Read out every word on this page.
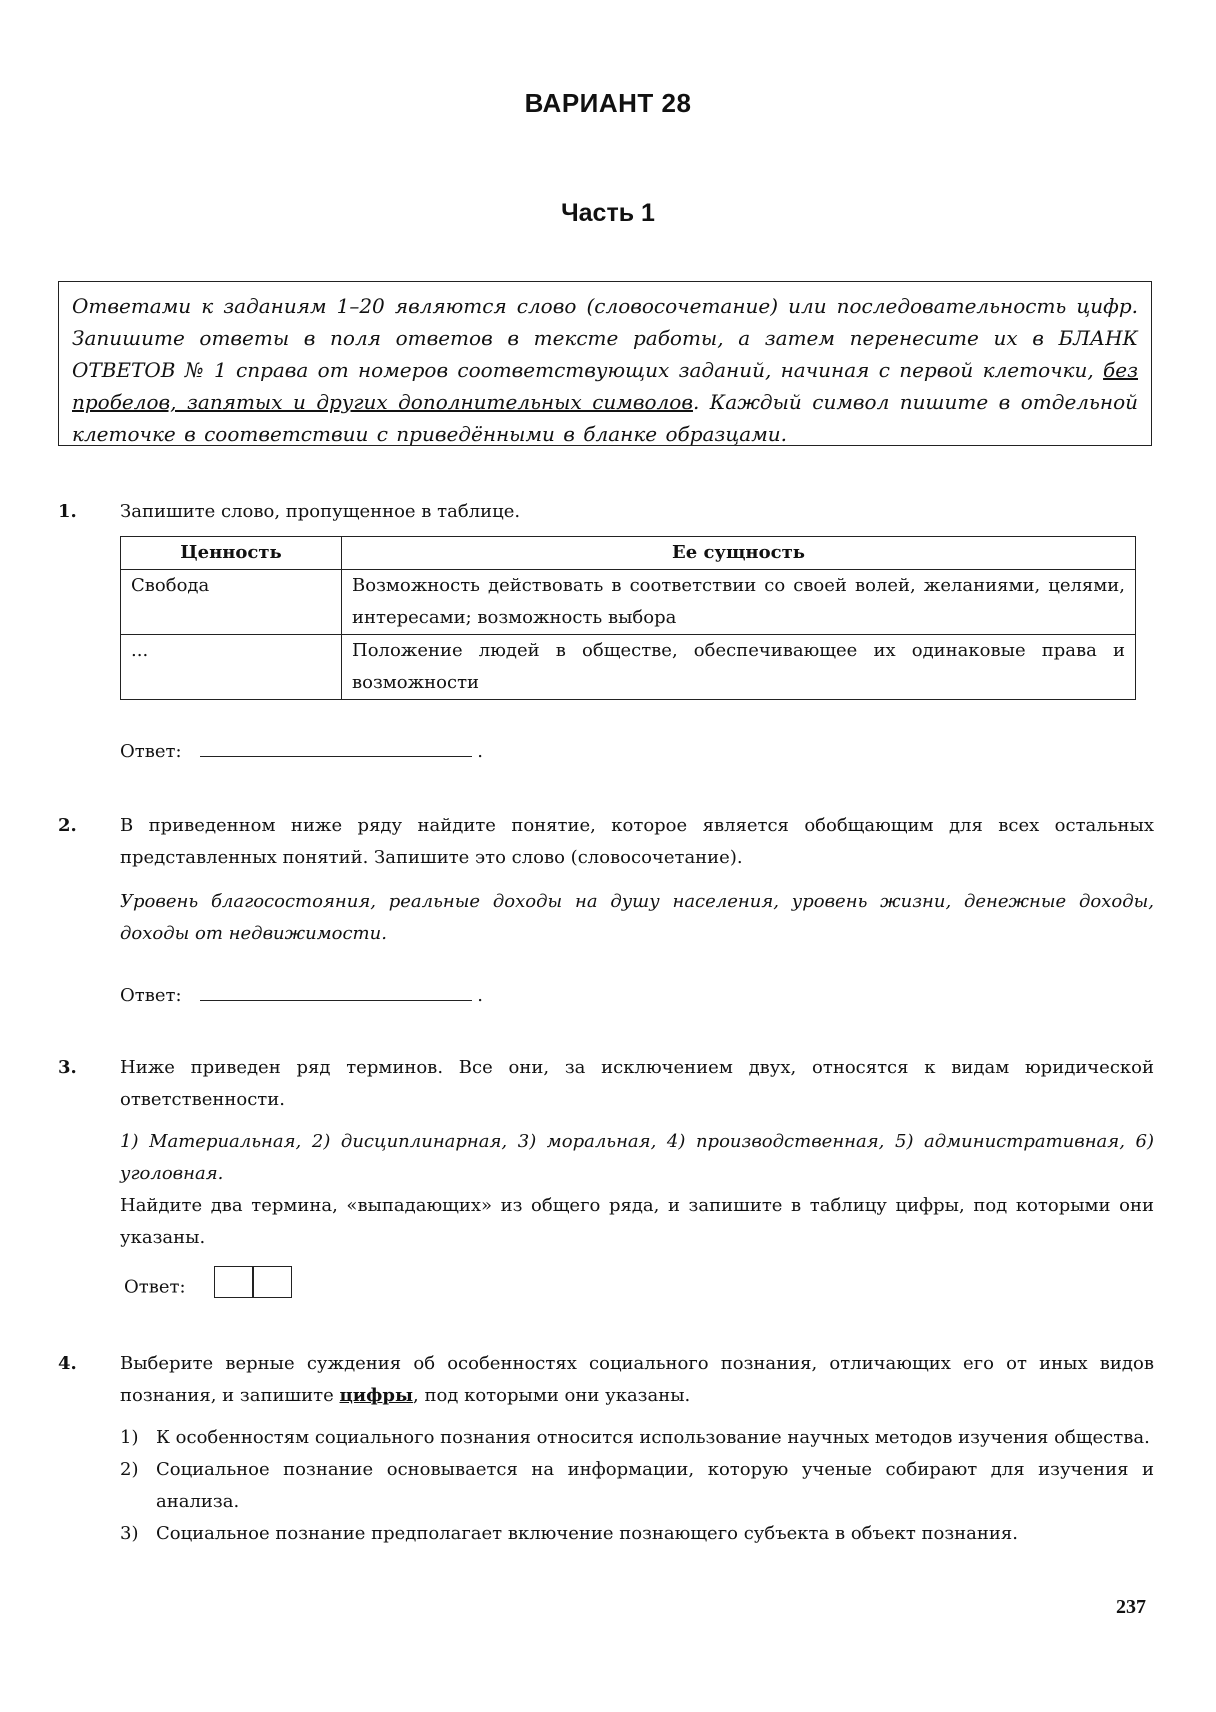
ВАРИАНТ 28
Часть 1
Ответами к заданиям 1–20 являются слово (словосочетание) или последовательность цифр. Запишите ответы в поля ответов в тексте работы, а затем перенесите их в БЛАНК ОТВЕТОВ № 1 справа от номеров соответствующих заданий, начиная с первой клеточки, без пробелов, запятых и других дополнительных символов. Каждый символ пишите в отдельной клеточке в соответствии с приведёнными в бланке образцами.
1. Запишите слово, пропущенное в таблице.
Ценность	Ее сущность
Свобода	Возможность действовать в соответствии со своей волей, желаниями, целями, интересами; возможность выбора
...	Положение людей в обществе, обеспечивающее их одинаковые права и возможности
Ответ:	.
2. В приведенном ниже ряду найдите понятие, которое является обобщающим для всех остальных представленных понятий. Запишите это слово (словосочетание).
Уровень благосостояния, реальные доходы на душу населения, уровень жизни, денежные доходы, доходы от недвижимости.
Ответ:	.
3. Ниже приведен ряд терминов. Все они, за исключением двух, относятся к видам юридической ответственности.
1) Материальная, 2) дисциплинарная, 3) моральная, 4) производственная, 5) административная, 6) уголовная.
Найдите два термина, «выпадающих» из общего ряда, и запишите в таблицу цифры, под которыми они указаны.
Ответ:
4. Выберите верные суждения об особенностях социального познания, отличающих его от иных видов познания, и запишите цифры, под которыми они указаны.
1) К особенностям социального познания относится использование научных методов изучения общества.
2) Социальное познание основывается на информации, которую ученые собирают для изучения и анализа.
3) Социальное познание предполагает включение познающего субъекта в объект познания.
237
